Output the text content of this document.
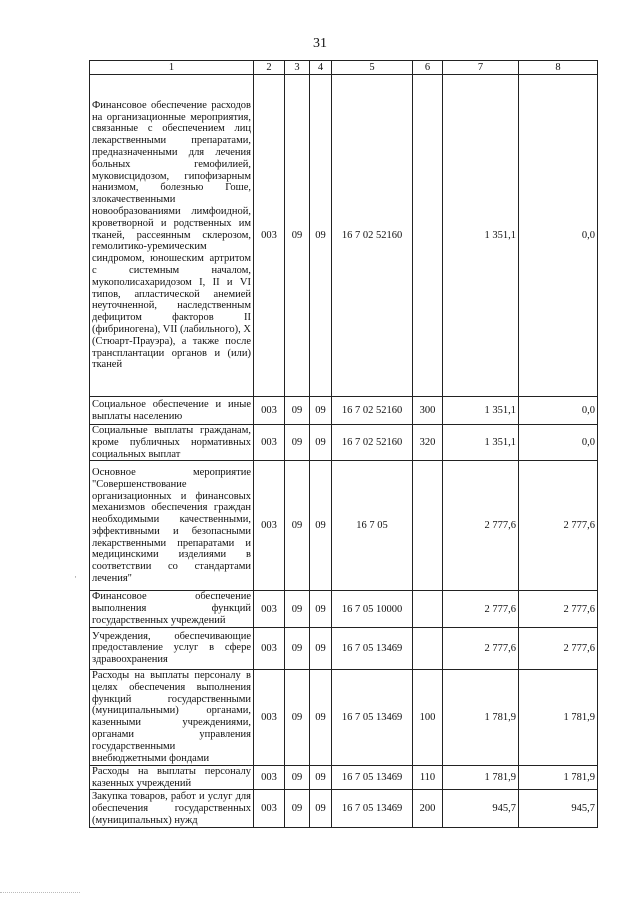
31
1	2	3	4	5	6	7	8
Финансовое обеспечение расходов на организационные мероприятия, связанные с обеспечением лиц лекарственными препаратами, предназначенными для лечения больных гемофилией, муковисцидозом, гипофизарным нанизмом, болезнью Гоше, злокачественными новообразованиями лимфоидной, кроветворной и родственных им тканей, рассеянным склерозом, гемолитико-уремическим синдромом, юношеским артритом с системным началом, мукополисахаридозом I, II и VI типов, апластической анемией неуточненной, наследственным дефицитом факторов II (фибриногена), VII (лабильного), X (Стюарт-Прауэра), а также после трансплантации органов и (или) тканей	003	09	09	16 7 02 52160		1 351,1	0,0
Социальное обеспечение и иные выплаты населению	003	09	09	16 7 02 52160	300	1 351,1	0,0
Социальные выплаты гражданам, кроме публичных нормативных социальных выплат	003	09	09	16 7 02 52160	320	1 351,1	0,0
Основное мероприятие "Совершенствование организационных и финансовых механизмов обеспечения граждан необходимыми качественными, эффективными и безопасными лекарственными препаратами и медицинскими изделиями в соответствии со стандартами лечения"	003	09	09	16 7 05		2 777,6	2 777,6
Финансовое обеспечение выполнения функций государственных учреждений	003	09	09	16 7 05 10000		2 777,6	2 777,6
Учреждения, обеспечивающие предоставление услуг в сфере здравоохранения	003	09	09	16 7 05 13469		2 777,6	2 777,6
Расходы на выплаты персоналу в целях обеспечения выполнения функций государственными (муниципальными) органами, казенными учреждениями, органами управления государственными внебюджетными фондами	003	09	09	16 7 05 13469	100	1 781,9	1 781,9
Расходы на выплаты персоналу казенных учреждений	003	09	09	16 7 05 13469	110	1 781,9	1 781,9
Закупка товаров, работ и услуг для обеспечения государственных (муниципальных) нужд	003	09	09	16 7 05 13469	200	945,7	945,7
·
